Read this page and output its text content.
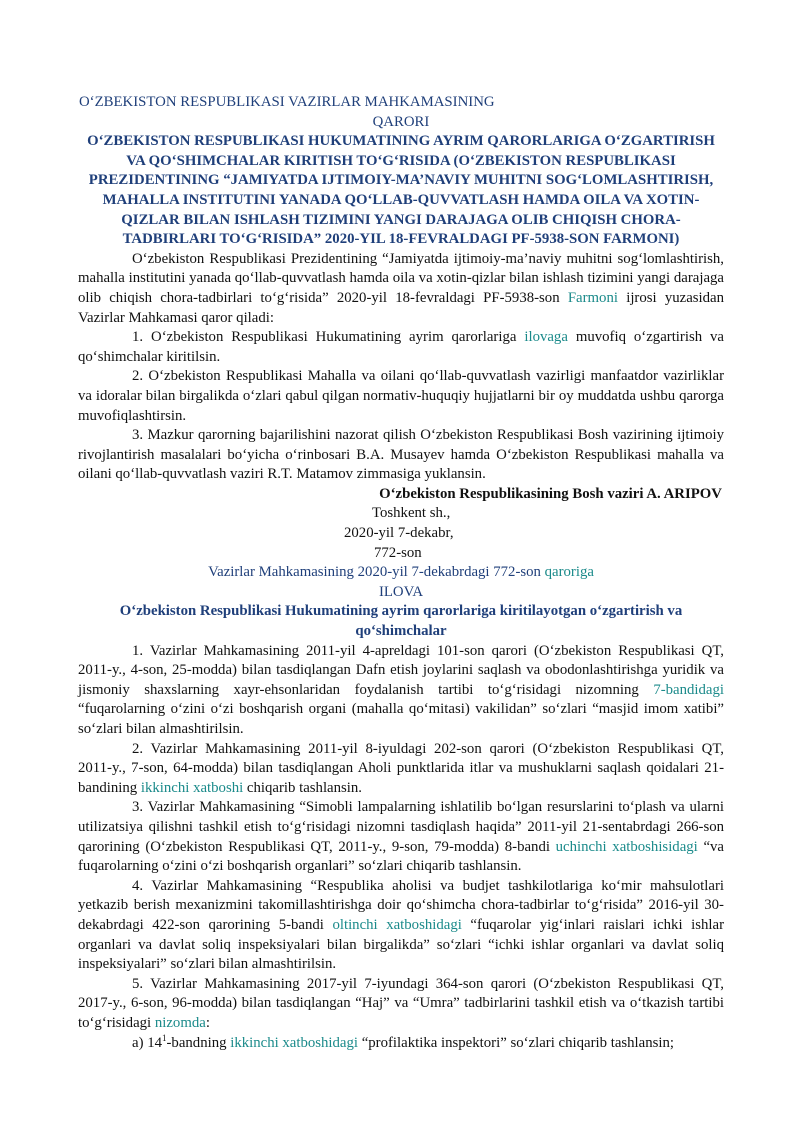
O‘ZBEKISTON RESPUBLIKASI VAZIRLAR MAHKAMASINING
QARORI
O‘ZBEKISTON RESPUBLIKASI HUKUMATINING AYRIM QARORLARIGA O‘ZGARTIRISH VA QO‘SHIMCHALAR KIRITISH TO‘G‘RISIDA (O‘ZBEKISTON RESPUBLIKASI PREZIDENTINING “JAMIYATDA IJTIMOIY-MA’NAVIY MUHITNI SOG‘LOMLASHTIRISH, MAHALLA INSTITUTINI YANADA QO‘LLAB-QUVVATLASH HAMDA OILA VA XOTIN-QIZLAR BILAN ISHLASH TIZIMINI YANGI DARAJAGA OLIB CHIQISH CHORA-TADBIRLARI TO‘G‘RISIDA” 2020-YIL 18-FEVRALDAGI PF-5938-SON FARMONI)

O‘zbekiston Respublikasi Prezidentining “Jamiyatda ijtimoiy-ma’naviy muhitni sog‘lomlashtirish, mahalla institutini yanada qo‘llab-quvvatlash hamda oila va xotin-qizlar bilan ishlash tizimini yangi darajaga olib chiqish chora-tadbirlari to‘g‘risida” 2020-yil 18-fevraldagi PF-5938-son Farmoni ijrosi yuzasidan Vazirlar Mahkamasi qaror qiladi:

1. O‘zbekiston Respublikasi Hukumatining ayrim qarorlariga ilovaga muvofiq o‘zgartirish va qo‘shimchalar kiritilsin.

2. O‘zbekiston Respublikasi Mahalla va oilani qo‘llab-quvvatlash vazirligi manfaatdor vazirliklar va idoralar bilan birgalikda o‘zlari qabul qilgan normativ-huquqiy hujjatlarni bir oy muddatda ushbu qarorga muvofiqlashtirsin.

3. Mazkur qarorning bajarilishini nazorat qilish O‘zbekiston Respublikasi Bosh vazirining ijtimoiy rivojlantirish masalalari bo‘yicha o‘rinbosari B.A. Musayev hamda O‘zbekiston Respublikasi mahalla va oilani qo‘llab-quvvatlash vaziri R.T. Matamov zimmasiga yuklansin.

O‘zbekiston Respublikasining Bosh vaziri A. ARIPOV

Toshkent sh.,

2020-yil 7-dekabr,

772-son

Vazirlar Mahkamasining 2020-yil 7-dekabrdagi 772-son qaroriga

ILOVA

O‘zbekiston Respublikasi Hukumatining ayrim qarorlariga kiritilayotgan o‘zgartirish va qo‘shimchalar

1. Vazirlar Mahkamasining 2011-yil 4-apreldagi 101-son qarori (O‘zbekiston Respublikasi QT, 2011-y., 4-son, 25-modda) bilan tasdiqlangan Dafn etish joylarini saqlash va obodonlashtirishga yuridik va jismoniy shaxslarning xayr-ehsonlaridan foydalanish tartibi to‘g‘risidagi nizomning 7-bandidagi “fuqarolarning o‘zini o‘zi boshqarish organi (mahalla qo‘mitasi) vakilidan” so‘zlari “masjid imom xatibi” so‘zlari bilan almashtirilsin.

2. Vazirlar Mahkamasining 2011-yil 8-iyuldagi 202-son qarori (O‘zbekiston Respublikasi QT, 2011-y., 7-son, 64-modda) bilan tasdiqlangan Aholi punktlarida itlar va mushuklarni saqlash qoidalari 21-bandining ikkinchi xatboshi chiqarib tashlansin.

3. Vazirlar Mahkamasining “Simobli lampalarning ishlatilib bo‘lgan resurslarini to‘plash va ularni utilizatsiya qilishni tashkil etish to‘g‘risidagi nizomni tasdiqlash haqida” 2011-yil 21-sentabrdagi 266-son qarorining (O‘zbekiston Respublikasi QT, 2011-y., 9-son, 79-modda) 8-bandi uchinchi xatboshisidagi “va fuqarolarning o‘zini o‘zi boshqarish organlari” so‘zlari chiqarib tashlansin.

4. Vazirlar Mahkamasining “Respublika aholisi va budjet tashkilotlariga ko‘mir mahsulotlari yetkazib berish mexanizmini takomillashtirishga doir qo‘shimcha chora-tadbirlar to‘g‘risida” 2016-yil 30-dekabrdagi 422-son qarorining 5-bandi oltinchi xatboshidagi “fuqarolar yig‘inlari raislari ichki ishlar organlari va davlat soliq inspeksiyalari bilan birgalikda” so‘zlari “ichki ishlar organlari va davlat soliq inspeksiyalari” so‘zlari bilan almashtirilsin.

5. Vazirlar Mahkamasining 2017-yil 7-iyundagi 364-son qarori (O‘zbekiston Respublikasi QT, 2017-y., 6-son, 96-modda) bilan tasdiqlangan “Haj” va “Umra” tadbirlarini tashkil etish va o‘tkazish tartibi to‘g‘risidagi nizomda:

a) $14^1$-bandning ikkinchi xatboshidagi “profilaktika inspektori” so‘zlari chiqarib tashlansin;
